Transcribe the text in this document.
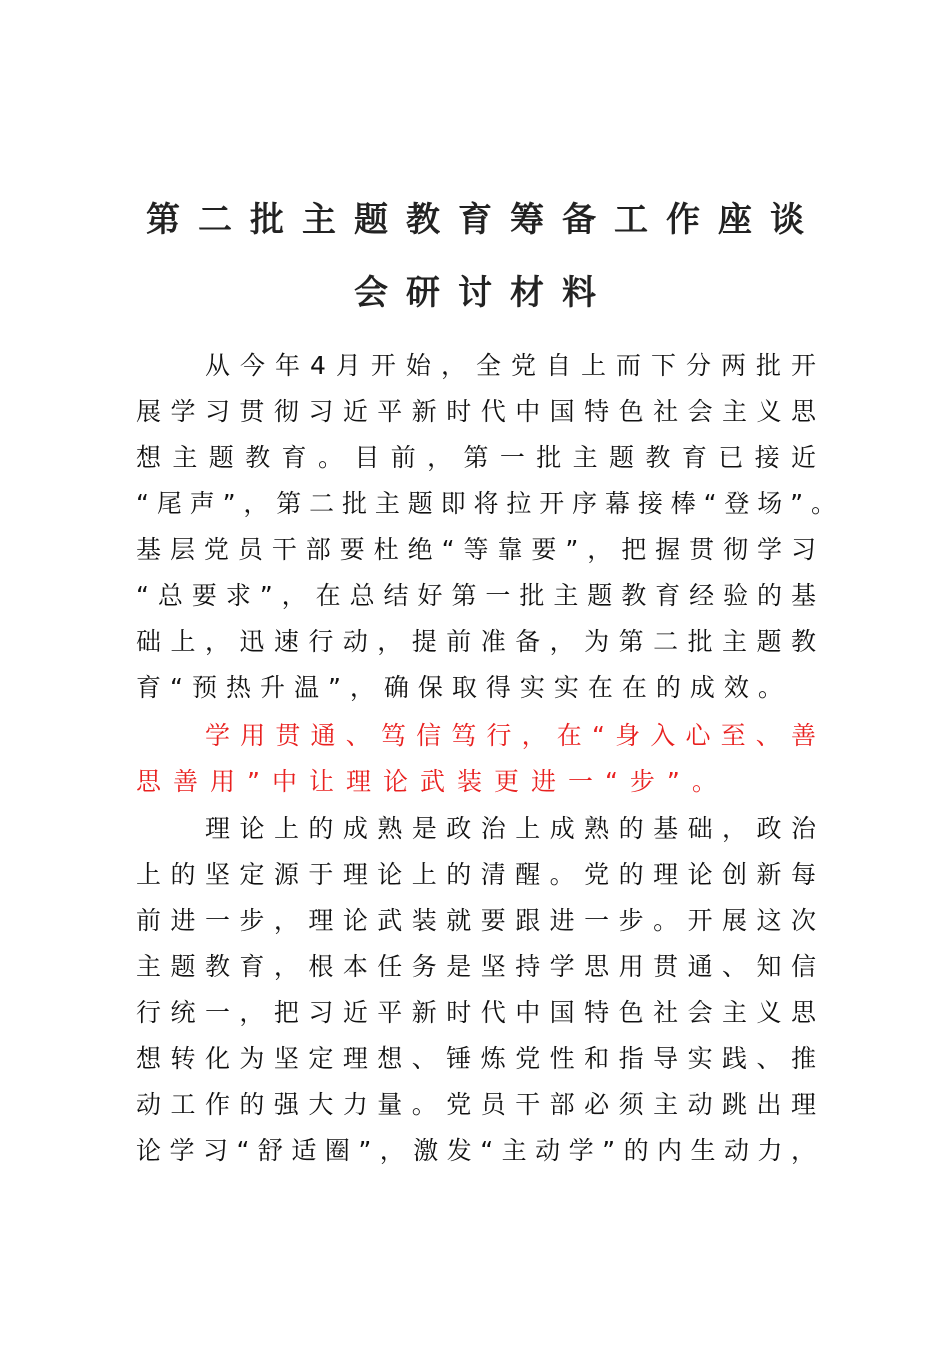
第二批主题教育筹备工作座谈
会研讨材料
从今年4月开始，全党自上而下分两批开
展学习贯彻习近平新时代中国特色社会主义思
想主题教育。目前，第一批主题教育已接近
“尾声”，第二批主题即将拉开序幕接棒“登场”。
基层党员干部要杜绝“等靠要”，把握贯彻学习
“总要求”，在总结好第一批主题教育经验的基
础上，迅速行动，提前准备，为第二批主题教
育“预热升温”，确保取得实实在在的成效。
学用贯通、笃信笃行，在“身入心至、善
思善用”中让理论武装更进一“步”。
理论上的成熟是政治上成熟的基础，政治
上的坚定源于理论上的清醒。党的理论创新每
前进一步，理论武装就要跟进一步。开展这次
主题教育，根本任务是坚持学思用贯通、知信
行统一，把习近平新时代中国特色社会主义思
想转化为坚定理想、锤炼党性和指导实践、推
动工作的强大力量。党员干部必须主动跳出理
论学习“舒适圈”，激发“主动学”的内生动力，
